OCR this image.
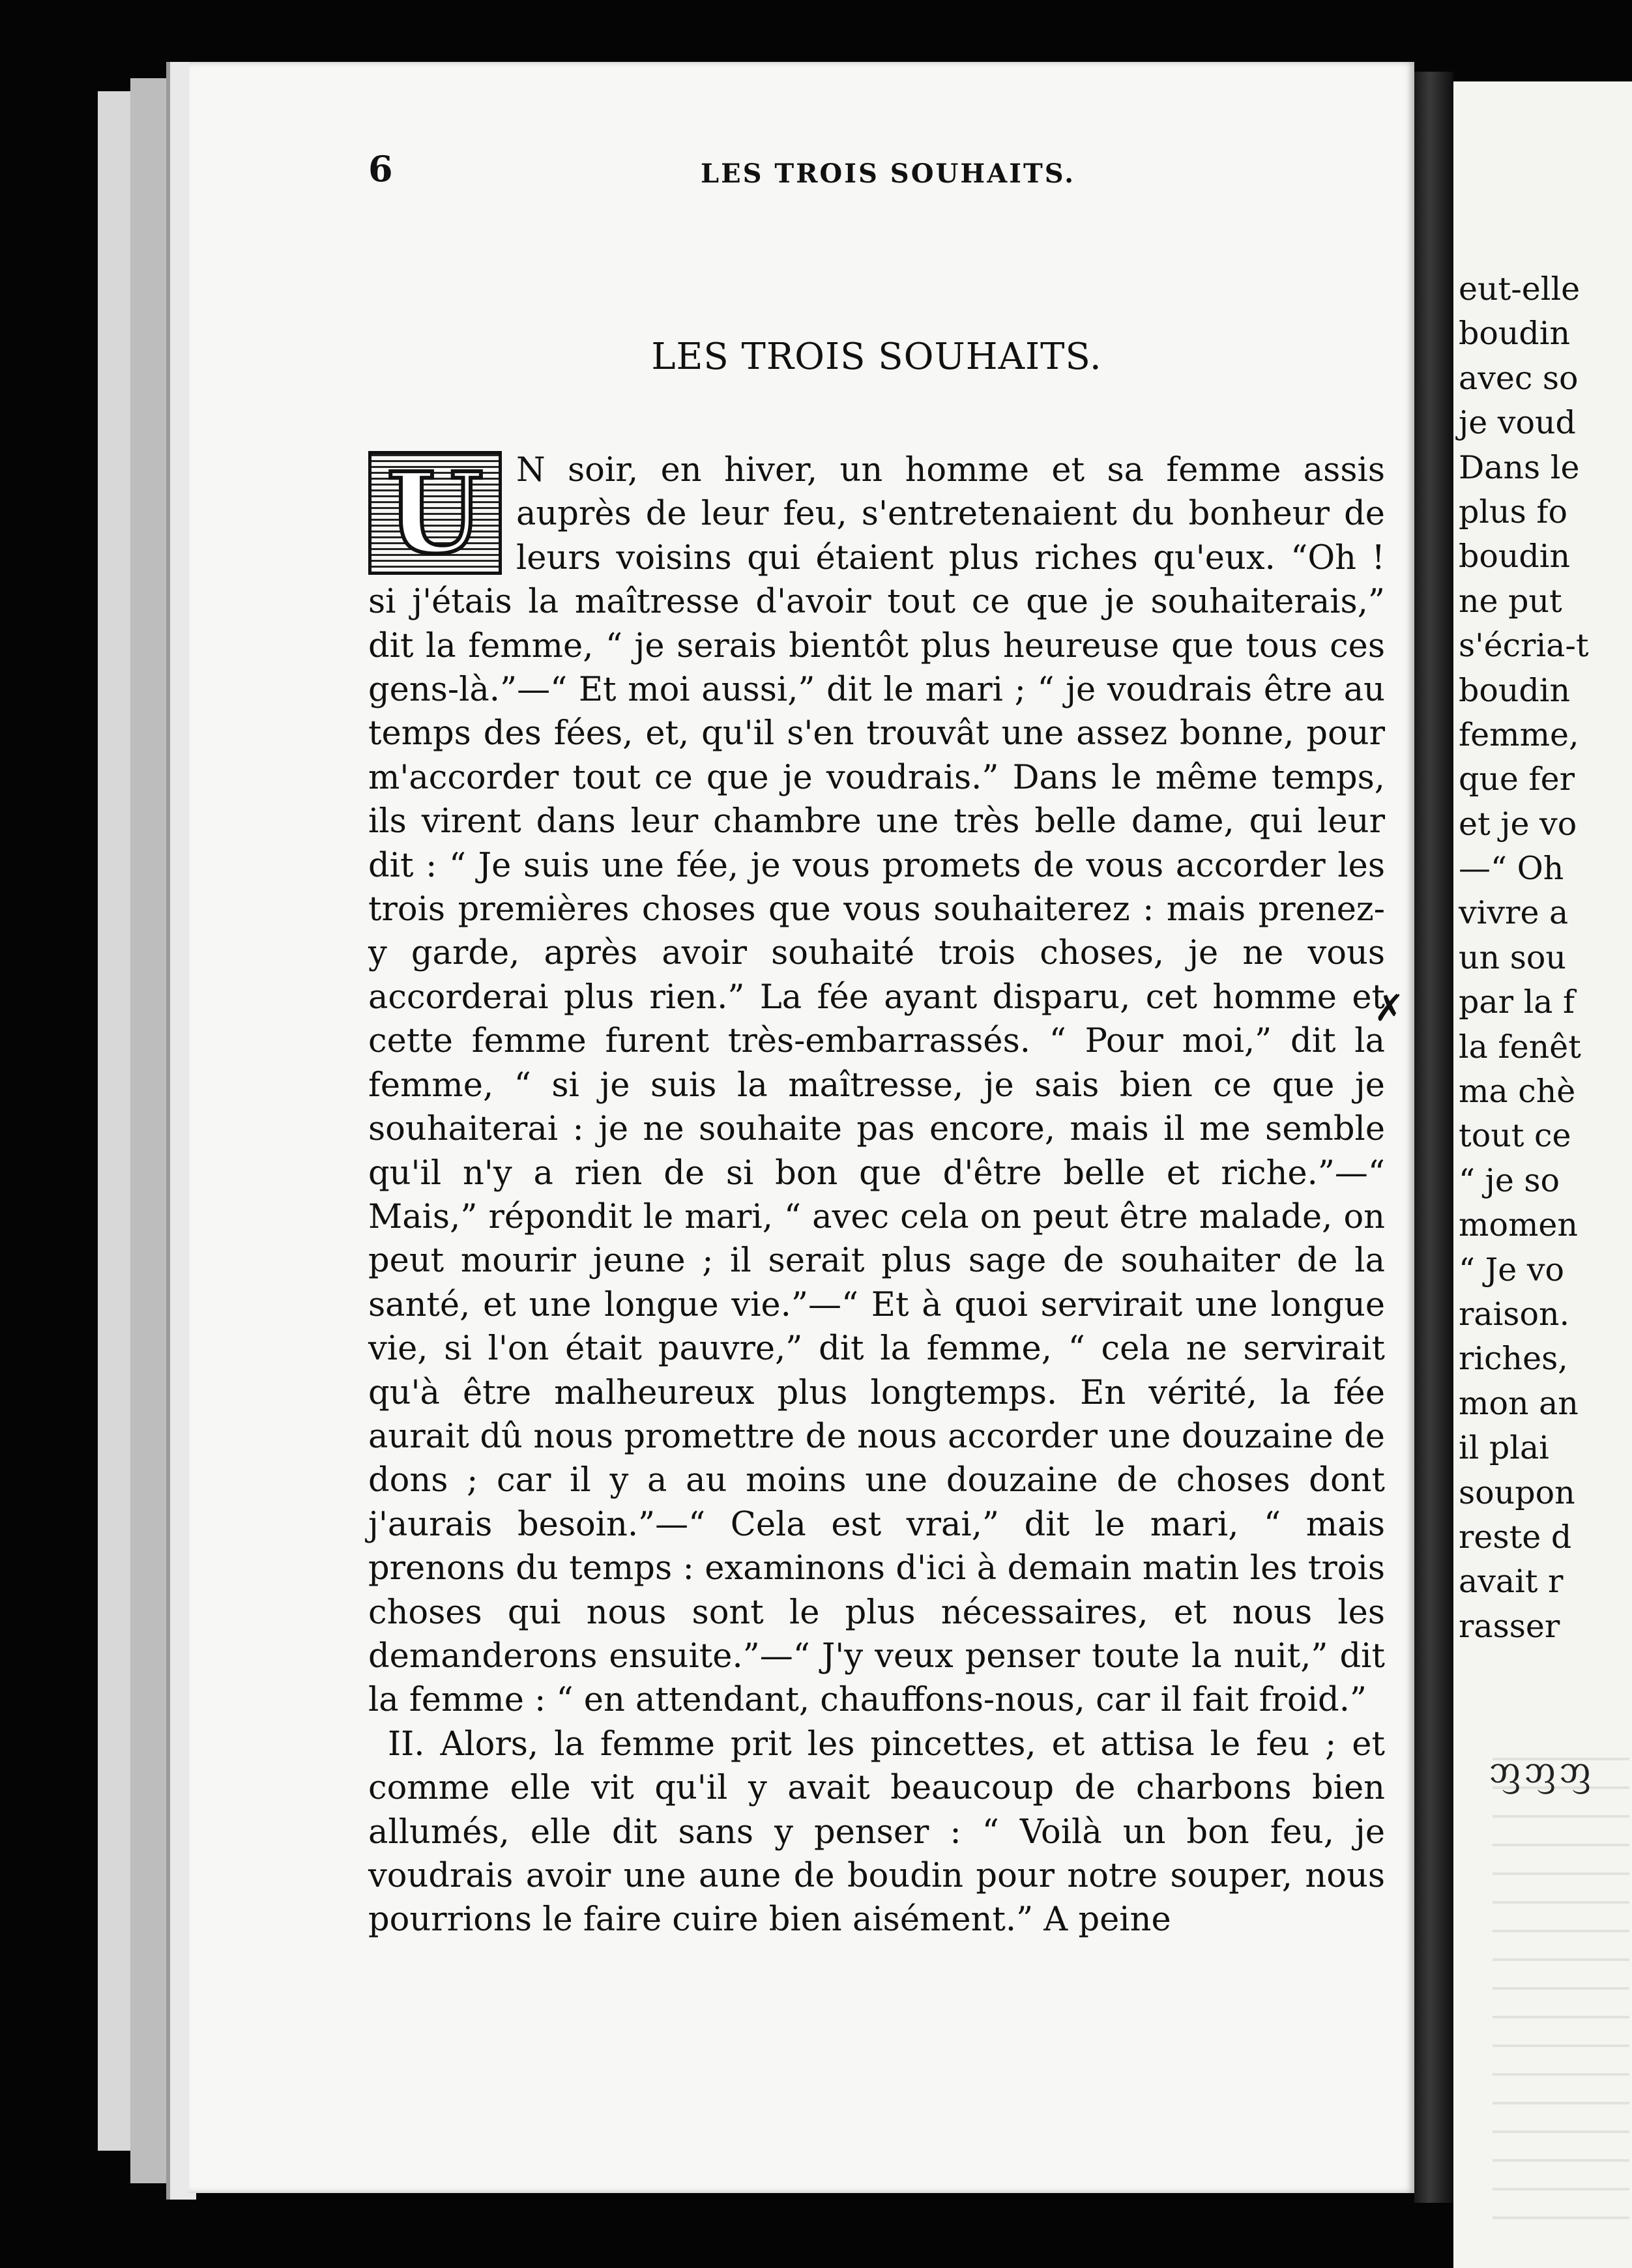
6	LES TROIS SOUHAITS.
LES TROIS SOUHAITS.
U N soir, en hiver, un homme et sa femme assis auprès de leur feu, s'entretenaient du bonheur de leurs voisins qui étaient plus riches qu'eux. “Oh ! si j'étais la maîtresse d'avoir tout ce que je souhaiterais,” dit la femme, “ je serais bientôt plus heureuse que tous ces gens-là.”—“ Et moi aussi,” dit le mari ; “ je voudrais être au temps des fées, et, qu'il s'en trouvât une assez bonne, pour m'accorder tout ce que je voudrais.” Dans le même temps, ils virent dans leur chambre une très belle dame, qui leur dit : “ Je suis une fée, je vous promets de vous accorder les trois premières choses que vous souhaiterez : mais prenez-y garde, après avoir souhaité trois choses, je ne vous accorderai plus rien.” La fée ayant disparu, cet homme et cette femme furent très-embarrassés. “ Pour moi,” dit la femme, “ si je suis la maîtresse, je sais bien ce que je souhaiterai : je ne souhaite pas encore, mais il me semble qu'il n'y a rien de si bon que d'être belle et riche.”—“ Mais,” répondit le mari, “ avec cela on peut être malade, on peut mourir jeune ; il serait plus sage de souhaiter de la santé, et une longue vie.”—“ Et à quoi servirait une longue vie, si l'on était pauvre,” dit la femme, “ cela ne servirait qu'à être malheureux plus longtemps. En vérité, la fée aurait dû nous promettre de nous accorder une douzaine de dons ; car il y a au moins une douzaine de choses dont j'aurais besoin.”—“ Cela est vrai,” dit le mari, “ mais prenons du temps : examinons d'ici à demain matin les trois choses qui nous sont le plus nécessaires, et nous les demanderons ensuite.”—“ J'y veux penser toute la nuit,” dit la femme : “ en attendant, chauffons-nous, car il fait froid.”

II. Alors, la femme prit les pincettes, et attisa le feu ; et comme elle vit qu'il y avait beaucoup de charbons bien allumés, elle dit sans y penser : “ Voilà un bon feu, je voudrais avoir une aune de boudin pour notre souper, nous pourrions le faire cuire bien aisément.” A peine

✗
eut-elle
boudin
avec so
je voud
Dans le
plus fo
boudin
ne put
s'écria-t
boudin
femme,
que fer
et je vo
—“ Oh
vivre a
un sou
par la f
la fenêt
ma chè
tout ce
“ je so
momen
“ Je vo
raison.
riches,
mon an
il plai
soupon
reste d
avait r
rasser
ᦀᦀᦀ
